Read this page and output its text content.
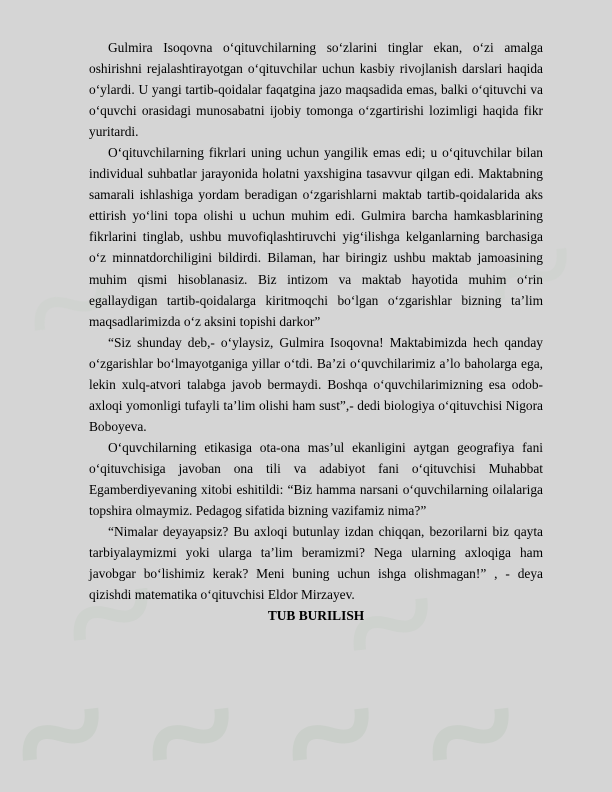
Gulmira Isoqovna o‘qituvchilarning so‘zlarini tinglar ekan, o‘zi amalga oshirishni rejalashtirayotgan o‘qituvchilar uchun kasbiy rivojlanish darslari haqida o‘ylardi. U yangi tartib-qoidalar faqatgina jazo maqsadida emas, balki o‘qituvchi va o‘quvchi orasidagi munosabatni ijobiy tomonga o‘zgartirishi lozimligi haqida fikr yuritardi.

O‘qituvchilarning fikrlari uning uchun yangilik emas edi; u o‘qituvchilar bilan individual suhbatlar jarayonida holatni yaxshigina tasavvur qilgan edi. Maktabning samarali ishlashiga yordam beradigan o‘zgarishlarni maktab tartib-qoidalarida aks ettirish yo‘lini topa olishi u uchun muhim edi. Gulmira barcha hamkasblarining fikrlarini tinglab, ushbu muvofiqlashtiruvchi yig‘ilishga kelganlarning barchasiga o‘z minnatdorchiligini bildirdi. Bilaman, har biringiz ushbu maktab jamoasining muhim qismi hisoblanasiz. Biz intizom va maktab hayotida muhim o‘rin egallaydigan tartib-qoidalarga kiritmoqchi bo‘lgan o‘zgarishlar bizning ta’lim maqsadlarimizda o‘z aksini topishi darkor”

“Siz shunday deb,- o‘ylaysiz, Gulmira Isoqovna! Maktabimizda hech qanday o‘zgarishlar bo‘lmayotganiga yillar o‘tdi. Ba’zi o‘quvchilarimiz a’lo baholarga ega, lekin xulq-atvori talabga javob bermaydi. Boshqa o‘quvchilarimizning esa odob-axloqi yomonligi tufayli ta’lim olishi ham sust”,- dedi biologiya o‘qituvchisi Nigora Boboyeva.

O‘quvchilarning etikasiga ota-ona mas’ul ekanligini aytgan geografiya fani o‘qituvchisiga javoban ona tili va adabiyot fani o‘qituvchisi Muhabbat Egamberdiyevaning xitobi eshitildi: “Biz hamma narsani o‘quvchilarning oilalariga topshira olmaymiz. Pedagog sifatida bizning vazifamiz nima?”

“Nimalar deyayapsiz? Bu axloqi butunlay izdan chiqqan, bezorilarni biz qayta tarbiyalaymizmi yoki ularga ta’lim beramizmi? Nega ularning axloqiga ham javobgar bo‘lishimiz kerak? Meni buning uchun ishga olishmagan!” , - deya qizishdi matematika o‘qituvchisi Eldor Mirzayev.

TUB BURILISH
